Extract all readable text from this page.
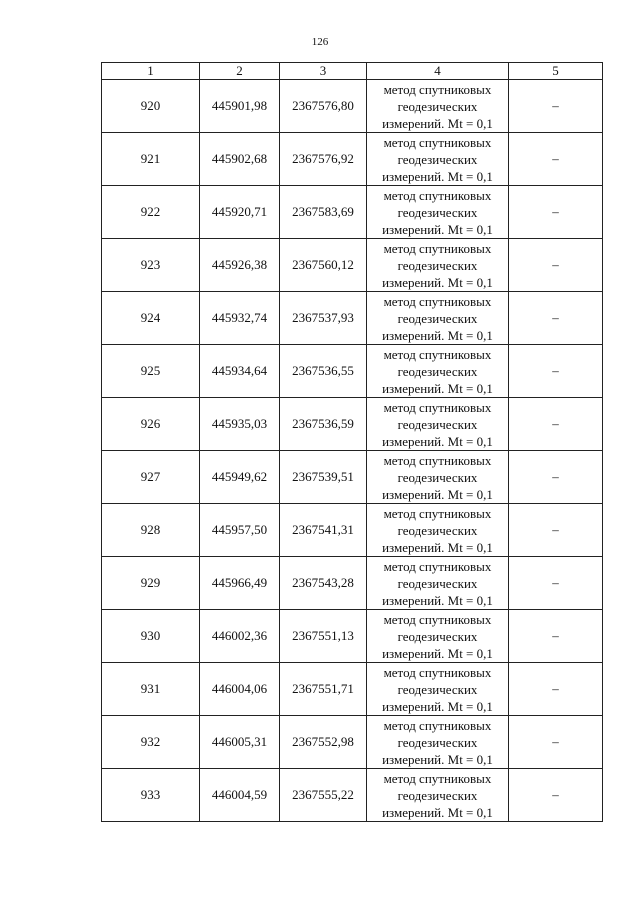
126
1	2	3	4	5
920	445901,98	2367576,80	метод спутниковых
геодезических
измерений. Mt = 0,1	–
921	445902,68	2367576,92	метод спутниковых
геодезических
измерений. Mt = 0,1	–
922	445920,71	2367583,69	метод спутниковых
геодезических
измерений. Mt = 0,1	–
923	445926,38	2367560,12	метод спутниковых
геодезических
измерений. Mt = 0,1	–
924	445932,74	2367537,93	метод спутниковых
геодезических
измерений. Mt = 0,1	–
925	445934,64	2367536,55	метод спутниковых
геодезических
измерений. Mt = 0,1	–
926	445935,03	2367536,59	метод спутниковых
геодезических
измерений. Mt = 0,1	–
927	445949,62	2367539,51	метод спутниковых
геодезических
измерений. Mt = 0,1	–
928	445957,50	2367541,31	метод спутниковых
геодезических
измерений. Mt = 0,1	–
929	445966,49	2367543,28	метод спутниковых
геодезических
измерений. Mt = 0,1	–
930	446002,36	2367551,13	метод спутниковых
геодезических
измерений. Mt = 0,1	–
931	446004,06	2367551,71	метод спутниковых
геодезических
измерений. Mt = 0,1	–
932	446005,31	2367552,98	метод спутниковых
геодезических
измерений. Mt = 0,1	–
933	446004,59	2367555,22	метод спутниковых
геодезических
измерений. Mt = 0,1	–
